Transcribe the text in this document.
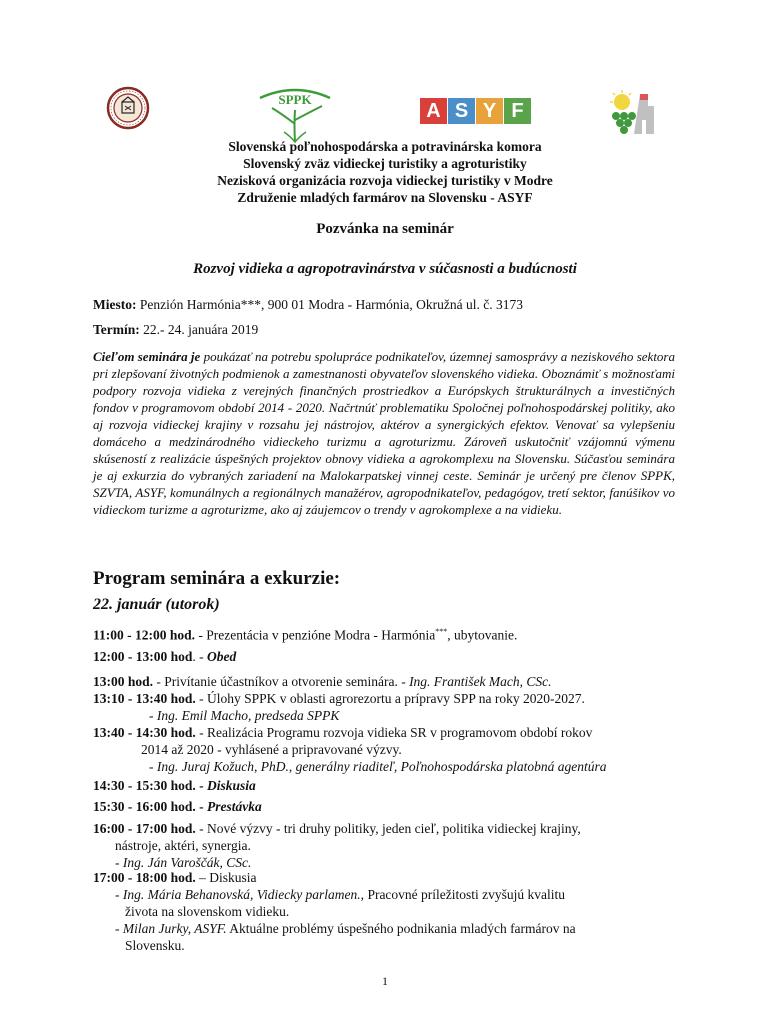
SPPK
A S Y F
Slovenská poľnohospodárska a potravinárska komora
Slovenský zväz vidieckej turistiky a agroturistiky
Nezisková organizácia rozvoja vidieckej turistiky v Modre
Združenie mladých farmárov na Slovensku - ASYF
Pozvánka na seminár
Rozvoj vidieka a agropotravinárstva v súčasnosti a budúcnosti
Miesto: Penzión Harmónia***, 900 01 Modra - Harmónia, Okružná ul. č. 3173
Termín: 22.- 24. januára 2019
Cieľom seminára je poukázať na potrebu spolupráce podnikateľov, územnej samosprávy a neziskového sektora pri zlepšovaní životných podmienok a zamestnanosti obyvateľov slovenského vidieka. Oboznámiť s možnosťami podpory rozvoja vidieka z verejných finančných prostriedkov a Európskych štrukturálnych a investičných fondov v programovom období 2014 - 2020. Načrtnúť problematiku Spoločnej poľnohospodárskej politiky, ako aj rozvoja vidieckej krajiny v rozsahu jej nástrojov, aktérov a synergických efektov. Venovať sa vylepšeniu domáceho a medzinárodného vidieckeho turizmu a agroturizmu. Zároveň uskutočniť vzájomnú výmenu skúseností z realizácie úspešných projektov obnovy vidieka a agrokomplexu na Slovensku. Súčasťou seminára je aj exkurzia do vybraných zariadení na Malokarpatskej vinnej ceste. Seminár je určený pre členov SPPK, SZVTA, ASYF, komunálnych a regionálnych manažérov, agropodnikateľov, pedagógov, tretí sektor, fanúšikov vo vidieckom turizme a agroturizme, ako aj záujemcov o trendy v agrokomplexe a na vidieku.
Program seminára a exkurzie:
22. január (utorok)
11:00 - 12:00 hod. - Prezentácia v penzióne Modra - Harmónia***, ubytovanie.
12:00 - 13:00 hod. - Obed
13:00 hod. - Privítanie účastníkov a otvorenie seminára. - Ing. František Mach, CSc.
13:10 - 13:40 hod. - Úlohy SPPK v oblasti agrorezortu a prípravy SPP na roky 2020-2027.
- Ing. Emil Macho, predseda SPPK
13:40 - 14:30 hod. - Realizácia Programu rozvoja vidieka SR v programovom období rokov
2014 až 2020 - vyhlásené a pripravované výzvy.
- Ing. Juraj Kožuch, PhD., generálny riaditeľ, Poľnohospodárska platobná agentúra
14:30 - 15:30 hod. - Diskusia
15:30 - 16:00 hod. - Prestávka
16:00 - 17:00 hod. - Nové výzvy - tri druhy politiky, jeden cieľ, politika vidieckej krajiny,
nástroje, aktéri, synergia.
- Ing. Ján Varoščák, CSc.
17:00 - 18:00 hod. – Diskusia
- Ing. Mária Behanovská, Vidiecky parlamen., Pracovné príležitosti zvyšujú kvalitu
života na slovenskom vidieku.
- Milan Jurky, ASYF. Aktuálne problémy úspešného podnikania mladých farmárov na
Slovensku.
1
